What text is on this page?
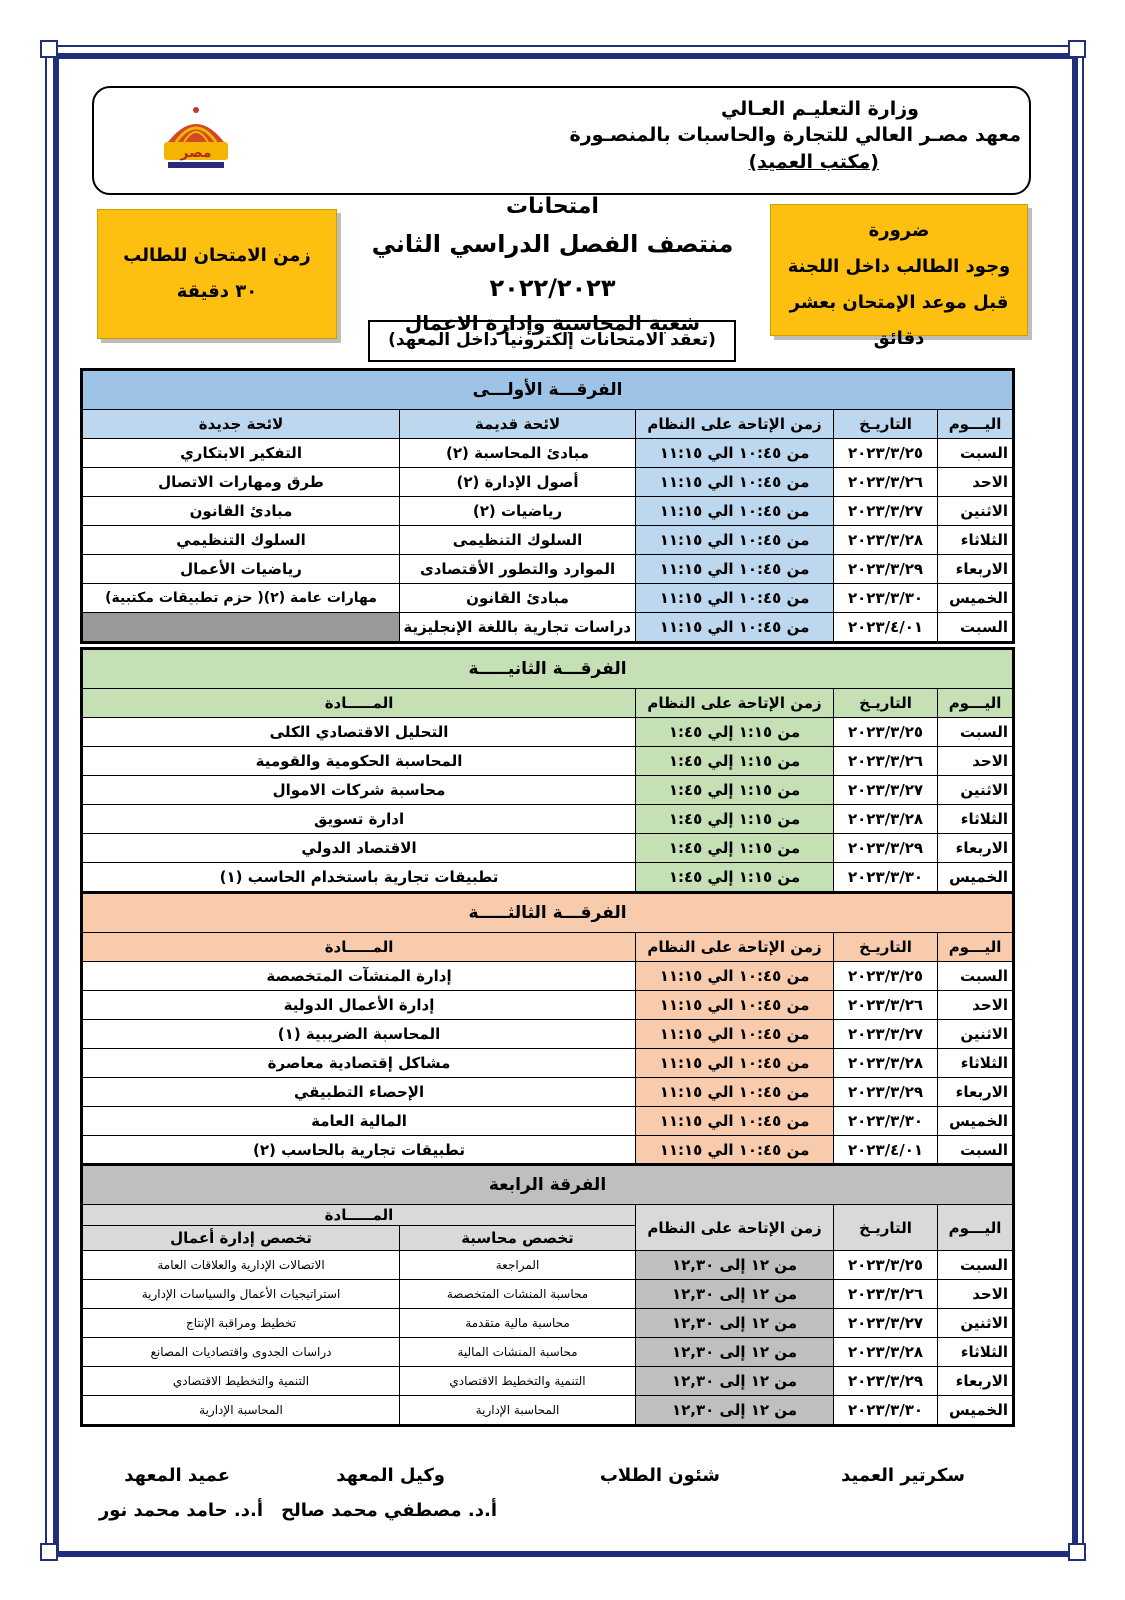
وزارة التعليـم العـالي
معهد مصـر العالي للتجارة والحاسبات بالمنصـورة
(مكتب العميد)
مصر
زمن الامتحان للطالب
٣٠ دقيقة
ضرورة
وجود الطالب داخل اللجنة
قبل موعد الإمتحان بعشر دقائق
امتحانات
منتصف الفصل الدراسي الثاني ٢٠٢٢/٢٠٢٣
شعبة المحاسبة وإدارة الاعمال
(تعقد الامتحانات إلكترونياً داخل المعهد)
الفرقـــة الأولـــى				
اليـــوم	التاريـخ	زمن الإتاحة على النظام	لائحة قديمة	لائحة جديدة
السبت	٢٠٢٣/٣/٢٥	من ١٠:٤٥ الي ١١:١٥	مبادئ المحاسبة (٢)	التفكير الابتكاري
الاحد	٢٠٢٣/٣/٢٦	من ١٠:٤٥ الي ١١:١٥	أصول الإدارة (٢)	طرق ومهارات الاتصال
الاثنين	٢٠٢٣/٣/٢٧	من ١٠:٤٥ الي ١١:١٥	رياضيات (٢)	مبادئ القانون
الثلاثاء	٢٠٢٣/٣/٢٨	من ١٠:٤٥ الي ١١:١٥	السلوك التنظيمى	السلوك التنظيمي
الاربعاء	٢٠٢٣/٣/٢٩	من ١٠:٤٥ الي ١١:١٥	الموارد والتطور الأقتصادى	رياضيات الأعمال
الخميس	٢٠٢٣/٣/٣٠	من ١٠:٤٥ الي ١١:١٥	مبادئ القانون	مهارات عامة (٢)( حزم تطبيقات مكتبية)
السبت	٢٠٢٣/٤/٠١	من ١٠:٤٥ الي ١١:١٥	دراسات تجارية باللغة الإنجليزية	
الفرقـــة الثانيـــــة			
اليـــوم	التاريـخ	زمن الإتاحة على النظام	المـــــادة
السبت	٢٠٢٣/٣/٢٥	من ١:١٥ إلي ١:٤٥	التحليل الاقتصادي الكلى
الاحد	٢٠٢٣/٣/٢٦	من ١:١٥ إلي ١:٤٥	المحاسبة الحكومية والقومية
الاثنين	٢٠٢٣/٣/٢٧	من ١:١٥ إلي ١:٤٥	محاسبة شركات الاموال
الثلاثاء	٢٠٢٣/٣/٢٨	من ١:١٥ إلي ١:٤٥	ادارة تسويق
الاربعاء	٢٠٢٣/٣/٢٩	من ١:١٥ إلي ١:٤٥	الاقتصاد الدولي
الخميس	٢٠٢٣/٣/٣٠	من ١:١٥ إلي ١:٤٥	تطبيقات تجارية باستخدام الحاسب (١)
الفرقـــة الثالثـــــة			
اليـــوم	التاريـخ	زمن الإتاحة على النظام	المـــــادة
السبت	٢٠٢٣/٣/٢٥	من ١٠:٤٥ الي ١١:١٥	إدارة المنشآت المتخصصة
الاحد	٢٠٢٣/٣/٢٦	من ١٠:٤٥ الي ١١:١٥	إدارة الأعمال الدولية
الاثنين	٢٠٢٣/٣/٢٧	من ١٠:٤٥ الي ١١:١٥	المحاسبة الضريبية (١)
الثلاثاء	٢٠٢٣/٣/٢٨	من ١٠:٤٥ الي ١١:١٥	مشاكل إقتصادية معاصرة
الاربعاء	٢٠٢٣/٣/٢٩	من ١٠:٤٥ الي ١١:١٥	الإحصاء التطبيقي
الخميس	٢٠٢٣/٣/٣٠	من ١٠:٤٥ الي ١١:١٥	المالية العامة
السبت	٢٠٢٣/٤/٠١	من ١٠:٤٥ الي ١١:١٥	تطبيقات تجارية بالحاسب (٢)
الفرقة الرابعة				
اليـــوم	التاريـخ	زمن الإتاحة على النظام	المـــــادة	
			تخصص محاسبة	تخصص إدارة أعمال
السبت	٢٠٢٣/٣/٢٥	من ١٢ إلى ١٢,٣٠	المراجعة	الاتصالات الإدارية والعلاقات العامة
الاحد	٢٠٢٣/٣/٢٦	من ١٢ إلى ١٢,٣٠	محاسبة المنشات المتخصصة	استراتيجيات الأعمال والسياسات الإدارية
الاثنين	٢٠٢٣/٣/٢٧	من ١٢ إلى ١٢,٣٠	محاسبة مالية متقدمة	تخطيط ومراقبة الإنتاج
الثلاثاء	٢٠٢٣/٣/٢٨	من ١٢ إلى ١٢,٣٠	محاسبة المنشات المالية	دراسات الجدوى واقتصاديات المصانع
الاربعاء	٢٠٢٣/٣/٢٩	من ١٢ إلى ١٢,٣٠	التنمية والتخطيط الاقتصادي	التنمية والتخطيط الاقتصادي
الخميس	٢٠٢٣/٣/٣٠	من ١٢ إلى ١٢,٣٠	المحاسبة الإدارية	المحاسبة الإدارية
سكرتير العميد
شئون الطلاب
وكيل المعهد
عميد المعهد
أ.د. مصطفي محمد صالح
أ.د. حامد محمد نور
